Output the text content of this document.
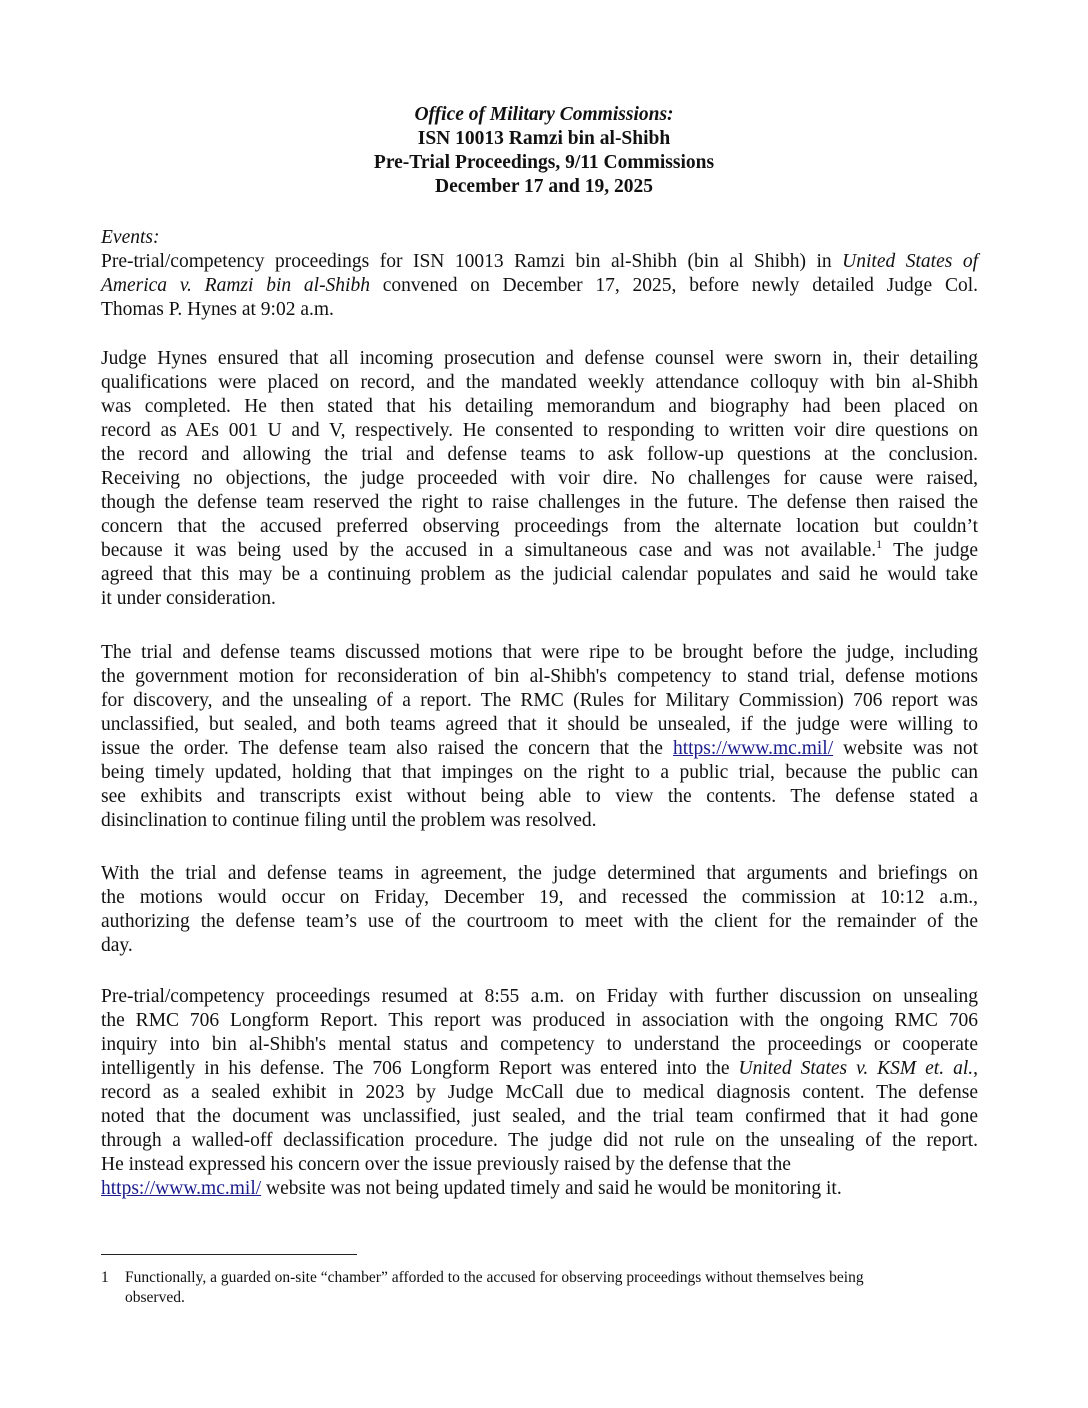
Office of Military Commissions:
ISN 10013 Ramzi bin al-Shibh
Pre-Trial Proceedings, 9/11 Commissions
December 17 and 19, 2025
Events:
Pre-trial/competency proceedings for ISN 10013 Ramzi bin al-Shibh (bin al Shibh) in United States of
America v. Ramzi bin al-Shibh convened on December 17, 2025, before newly detailed Judge Col.
Thomas P. Hynes at 9:02 a.m.
Judge Hynes ensured that all incoming prosecution and defense counsel were sworn in, their detailing
qualifications were placed on record, and the mandated weekly attendance colloquy with bin al-Shibh
was completed. He then stated that his detailing memorandum and biography had been placed on
record as AEs 001 U and V, respectively. He consented to responding to written voir dire questions on
the record and allowing the trial and defense teams to ask follow-up questions at the conclusion.
Receiving no objections, the judge proceeded with voir dire. No challenges for cause were raised,
though the defense team reserved the right to raise challenges in the future. The defense then raised the
concern that the accused preferred observing proceedings from the alternate location but couldn’t
because it was being used by the accused in a simultaneous case and was not available.$^1$ The judge
agreed that this may be a continuing problem as the judicial calendar populates and said he would take
it under consideration.
The trial and defense teams discussed motions that were ripe to be brought before the judge, including
the government motion for reconsideration of bin al-Shibh's competency to stand trial, defense motions
for discovery, and the unsealing of a report. The RMC (Rules for Military Commission) 706 report was
unclassified, but sealed, and both teams agreed that it should be unsealed, if the judge were willing to
issue the order. The defense team also raised the concern that the https://www.mc.mil/ website was not
being timely updated, holding that that impinges on the right to a public trial, because the public can
see exhibits and transcripts exist without being able to view the contents. The defense stated a
disinclination to continue filing until the problem was resolved.
With the trial and defense teams in agreement, the judge determined that arguments and briefings on
the motions would occur on Friday, December 19, and recessed the commission at 10:12 a.m.,
authorizing the defense team’s use of the courtroom to meet with the client for the remainder of the
day.
Pre-trial/competency proceedings resumed at 8:55 a.m. on Friday with further discussion on unsealing
the RMC 706 Longform Report. This report was produced in association with the ongoing RMC 706
inquiry into bin al-Shibh's mental status and competency to understand the proceedings or cooperate
intelligently in his defense. The 706 Longform Report was entered into the United States v. KSM et. al.,
record as a sealed exhibit in 2023 by Judge McCall due to medical diagnosis content. The defense
noted that the document was unclassified, just sealed, and the trial team confirmed that it had gone
through a walled-off declassification procedure. The judge did not rule on the unsealing of the report.
He instead expressed his concern over the issue previously raised by the defense that the
https://www.mc.mil/ website was not being updated timely and said he would be monitoring it.
1 Functionally, a guarded on-site “chamber” afforded to the accused for observing proceedings without themselves being
observed.
